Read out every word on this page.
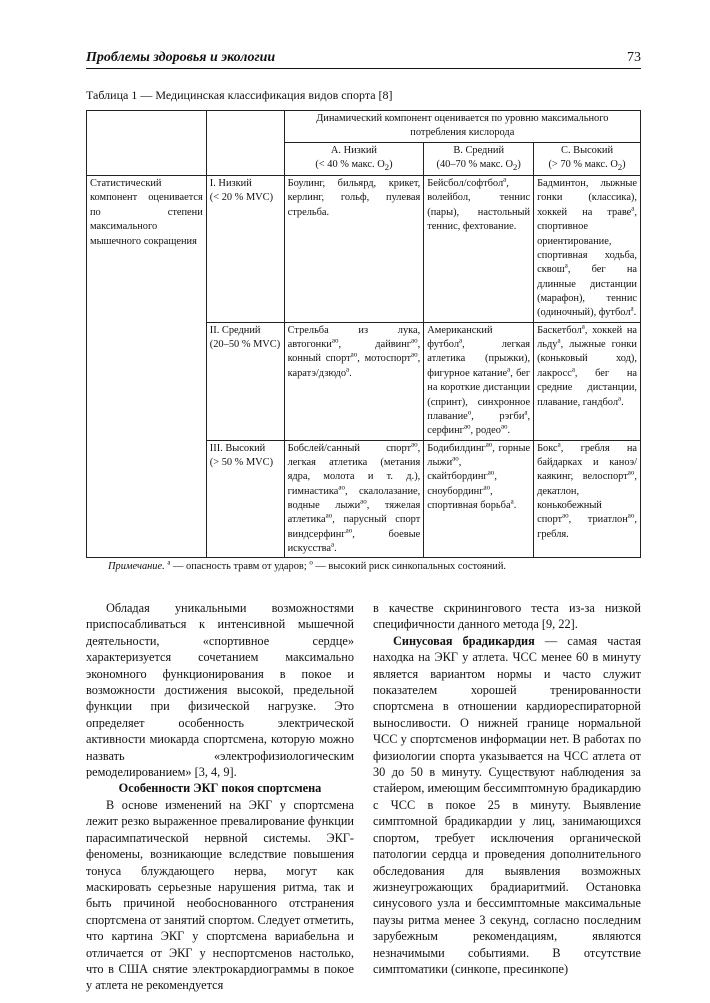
Проблемы здоровья и экологии	73
Таблица 1 — Медицинская классификация видов спорта [8]
		Динамический компонент оценивается по уровню максимального потребления кислорода		
		А. Низкий
(< 40 % макс. $О_2$)	В. Средний
(40–70 % макс. $О_2$)	С. Высокий
(> 70 % макс. $О_2$)
Статистический компонент оценивается по степени максимального мышечного сокращения	I. Низкий
(< 20 % MVC)	Боулинг, бильярд, крикет, керлинг, гольф, пулевая стрельба.	Бейсбол/софтбол$^а$, волейбол, теннис (пары), настольный теннис, фехтование.	Бадминтон, лыжные гонки (классика), хоккей на траве$^а$, спортивное ориентирование, спортивная ходьба, сквош$^а$, бег на длинные дистанции (марафон), теннис (одиночный), футбол$^а$.
	II. Средний
(20–50 % MVC)	Стрельба из лука, автогонки$^{ао}$, дайвинг$^{ао}$, конный спорт$^{ао}$, мотоспорт$^{ао}$, каратэ/дзюдо$^а$.	Американский футбол$^а$, легкая атлетика (прыжки), фигурное катание$^а$, бег на короткие дистанции (спринт), синхронное плавание$^о$, рэгби$^а$, серфинг$^{ао}$, родео$^{ао}$.	Баскетбол$^а$, хоккей на льду$^а$, лыжные гонки (коньковый ход), лакросс$^а$, бег на средние дистанции, плавание, гандбол$^а$.
	III. Высокий
(> 50 % MVC)	Бобслей/санный спорт$^{ао}$, легкая атлетика (метания ядра, молота и т. д.), гимнастика$^{ао}$, скалолазание, водные лыжи$^{ао}$, тяжелая атлетика$^{ао}$, парусный спорт виндсерфинг$^{ао}$, боевые искусства$^а$.	Бодибилдинг$^{ао}$, горные лыжи$^{ао}$, скайтбординг$^{ао}$, сноубординг$^{ао}$, спортивная борьба$^а$.	Бокс$^а$, гребля на байдарках и каноэ/каякинг, велоспорт$^{ао}$, декатлон, конькобежный спорт$^{ао}$, триатлон$^{ао}$, гребля.
Примечание. $^а$ — опасность травм от ударов; $^о$ — высокий риск синкопальных состояний.

Обладая уникальными возможностями приспосабливаться к интенсивной мышечной деятельности, «спортивное сердце» характеризуется сочетанием максимально экономного функционирования в покое и возможности достижения высокой, предельной функции при физической нагрузке. Это определяет особенность электрической активности миокарда спортсмена, которую можно назвать «электрофизиологическим ремоделированием» [3, 4, 9].

Особенности ЭКГ покоя спортсмена

В основе изменений на ЭКГ у спортсмена лежит резко выраженное превалирование функции парасимпатической нервной системы. ЭКГ-феномены, возникающие вследствие повышения тонуса блуждающего нерва, могут как маскировать серьезные нарушения ритма, так и быть причиной необоснованного отстранения спортсмена от занятий спортом. Следует отметить, что картина ЭКГ у спортсмена вариабельна и отличается от ЭКГ у неспортсменов настолько, что в США снятие электрокардиограммы в покое у атлета не рекомендуется

в качестве скринингового теста из-за низкой специфичности данного метода [9, 22].

Синусовая брадикардия — самая частая находка на ЭКГ у атлета. ЧСС менее 60 в минуту является вариантом нормы и часто служит показателем хорошей тренированности спортсмена в отношении кардиореспираторной выносливости. О нижней границе нормальной ЧСС у спортсменов информации нет. В работах по физиологии спорта указывается на ЧСС атлета от 30 до 50 в минуту. Существуют наблюдения за стайером, имеющим бессимптомную брадикардию с ЧСС в покое 25 в минуту. Выявление симптомной брадикардии у лиц, занимающихся спортом, требует исключения органической патологии сердца и проведения дополнительного обследования для выявления возможных жизнеугрожающих брадиаритмий. Остановка синусового узла и бессимптомные максимальные паузы ритма менее 3 секунд, согласно последним зарубежным рекомендациям, являются незначимыми событиями. В отсутствие симптоматики (синкопе, пресинкопе)
